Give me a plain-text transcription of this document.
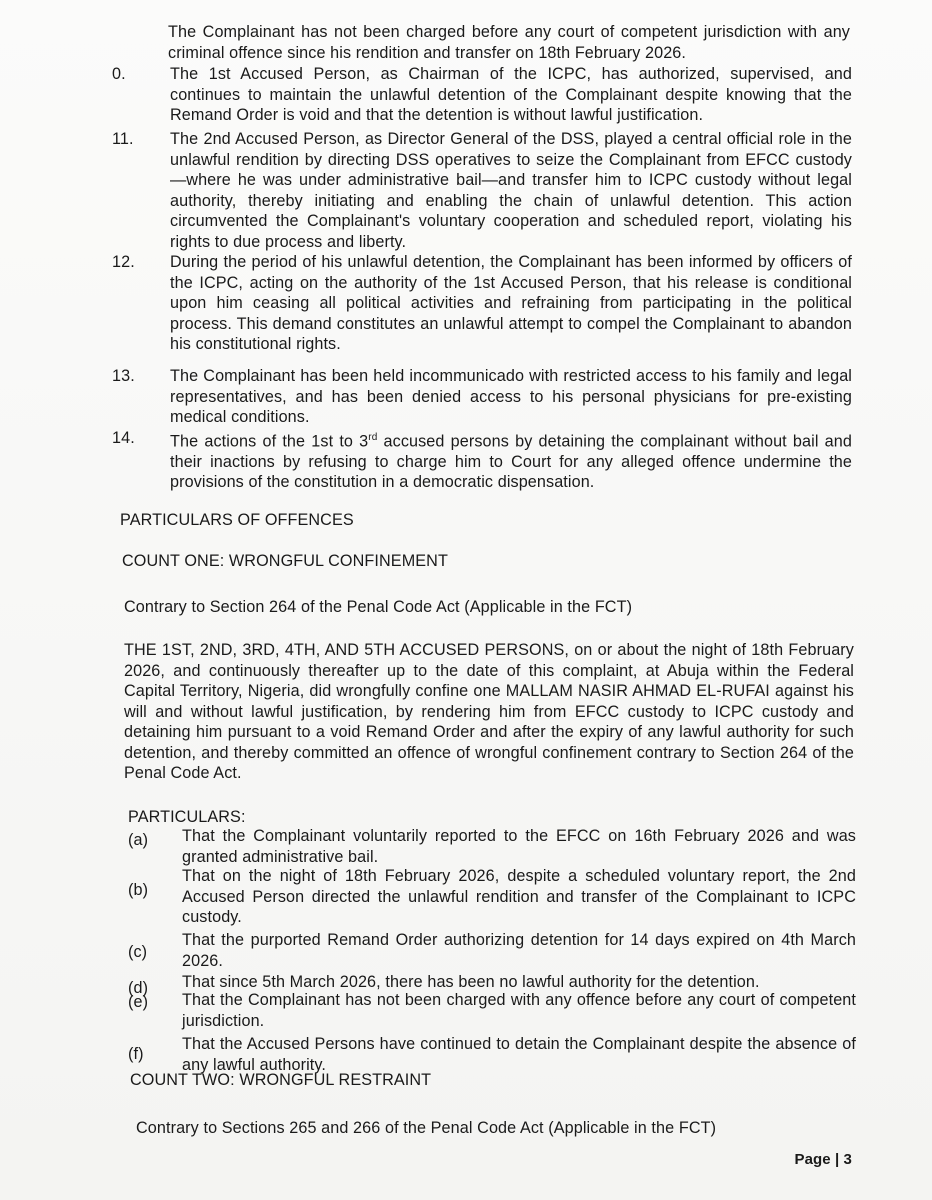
The Complainant has not been charged before any court of competent jurisdiction with any criminal offence since his rendition and transfer on 18th February 2026.
0.	The 1st Accused Person, as Chairman of the ICPC, has authorized, supervised, and continues to maintain the unlawful detention of the Complainant despite knowing that the Remand Order is void and that the detention is without lawful justification.
11.	The 2nd Accused Person, as Director General of the DSS, played a central official role in the unlawful rendition by directing DSS operatives to seize the Complainant from EFCC custody—where he was under administrative bail—and transfer him to ICPC custody without legal authority, thereby initiating and enabling the chain of unlawful detention. This action circumvented the Complainant's voluntary cooperation and scheduled report, violating his rights to due process and liberty.
12.	During the period of his unlawful detention, the Complainant has been informed by officers of the ICPC, acting on the authority of the 1st Accused Person, that his release is conditional upon him ceasing all political activities and refraining from participating in the political process. This demand constitutes an unlawful attempt to compel the Complainant to abandon his constitutional rights.
13.	The Complainant has been held incommunicado with restricted access to his family and legal representatives, and has been denied access to his personal physicians for pre-existing medical conditions.
14.	The actions of the 1st to 3rd accused persons by detaining the complainant without bail and their inactions by refusing to charge him to Court for any alleged offence undermine the provisions of the constitution in a democratic dispensation.
PARTICULARS OF OFFENCES
COUNT ONE: WRONGFUL CONFINEMENT
Contrary to Section 264 of the Penal Code Act (Applicable in the FCT)
THE 1ST, 2ND, 3RD, 4TH, AND 5TH ACCUSED PERSONS, on or about the night of 18th February 2026, and continuously thereafter up to the date of this complaint, at Abuja within the Federal Capital Territory, Nigeria, did wrongfully confine one MALLAM NASIR AHMAD EL-RUFAI against his will and without lawful justification, by rendering him from EFCC custody to ICPC custody and detaining him pursuant to a void Remand Order and after the expiry of any lawful authority for such detention, and thereby committed an offence of wrongful confinement contrary to Section 264 of the Penal Code Act.
PARTICULARS:
(a)	That the Complainant voluntarily reported to the EFCC on 16th February 2026 and was granted administrative bail.
(b)
That on the night of 18th February 2026, despite a scheduled voluntary report, the 2nd Accused Person directed the unlawful rendition and transfer of the Complainant to ICPC custody.
(c)
That the purported Remand Order authorizing detention for 14 days expired on 4th March 2026.
(d)	That since 5th March 2026, there has been no lawful authority for the detention.
(e)	That the Complainant has not been charged with any offence before any court of competent jurisdiction.
(f)
That the Accused Persons have continued to detain the Complainant despite the absence of any lawful authority.
COUNT TWO: WRONGFUL RESTRAINT
Contrary to Sections 265 and 266 of the Penal Code Act (Applicable in the FCT)
Page | 3
